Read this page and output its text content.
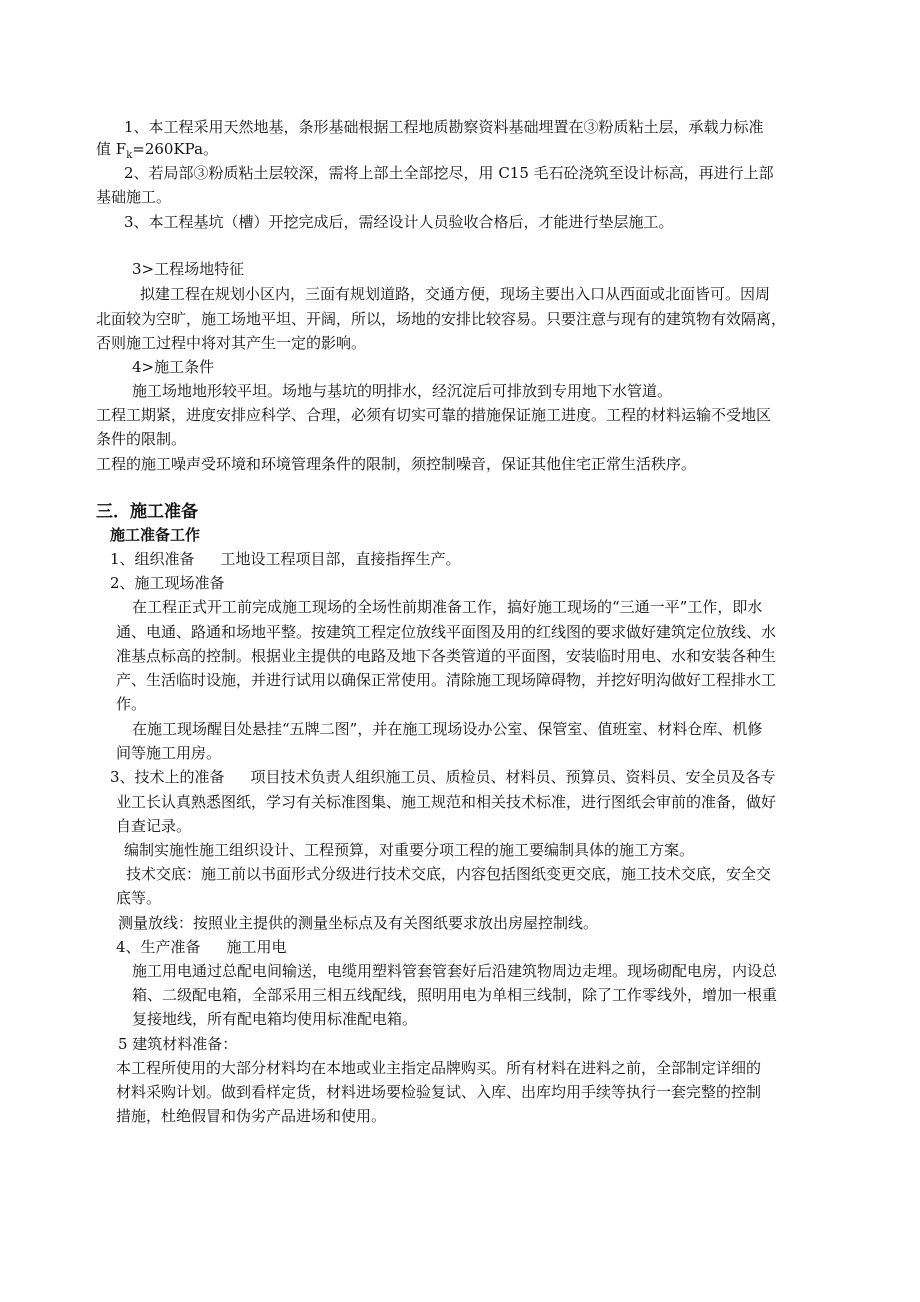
1、本工程采用天然地基，条形基础根据工程地质勘察资料基础埋置在③粉质粘土层，承载力标准
值 $F_k=260KPa$。
2、若局部③粉质粘土层较深，需将上部土全部挖尽，用 C15 毛石砼浇筑至设计标高，再进行上部
基础施工。
3、本工程基坑（槽）开挖完成后，需经设计人员验收合格后，才能进行垫层施工。
3>工程场地特征
拟建工程在规划小区内，三面有规划道路，交通方便，现场主要出入口从西面或北面皆可。因周
北面较为空旷，施工场地平坦、开阔，所以，场地的安排比较容易。只要注意与现有的建筑物有效隔离，
否则施工过程中将对其产生一定的影响。
4>施工条件
施工场地地形较平坦。场地与基坑的明排水，经沉淀后可排放到专用地下水管道。
工程工期紧，进度安排应科学、合理，必须有切实可靠的措施保证施工进度。工程的材料运输不受地区
条件的限制。
工程的施工噪声受环境和环境管理条件的限制，须控制噪音，保证其他住宅正常生活秩序。
三．施工准备
施工准备工作
1、组织准备 工地设工程项目部，直接指挥生产。
2、施工现场准备
在工程正式开工前完成施工现场的全场性前期准备工作，搞好施工现场的“三通一平”工作，即水
通、电通、路通和场地平整。按建筑工程定位放线平面图及用的红线图的要求做好建筑定位放线、水
准基点标高的控制。根据业主提供的电路及地下各类管道的平面图，安装临时用电、水和安装各种生
产、生活临时设施，并进行试用以确保正常使用。清除施工现场障碍物，并挖好明沟做好工程排水工
作。
在施工现场醒目处悬挂“五牌二图”，并在施工现场设办公室、保管室、值班室、材料仓库、机修
间等施工用房。
3、技术上的准备 项目技术负责人组织施工员、质检员、材料员、预算员、资料员、安全员及各专
业工长认真熟悉图纸，学习有关标准图集、施工规范和相关技术标准，进行图纸会审前的准备，做好
自查记录。
编制实施性施工组织设计、工程预算，对重要分项工程的施工要编制具体的施工方案。
技术交底：施工前以书面形式分级进行技术交底，内容包括图纸变更交底，施工技术交底，安全交
底等。
测量放线：按照业主提供的测量坐标点及有关图纸要求放出房屋控制线。
4、生产准备 施工用电
施工用电通过总配电间输送，电缆用塑料管套管套好后沿建筑物周边走埋。现场砌配电房，内设总
箱、二级配电箱，全部采用三相五线配线，照明用电为单相三线制，除了工作零线外，增加一根重
复接地线，所有配电箱均使用标准配电箱。
5 建筑材料准备：
本工程所使用的大部分材料均在本地或业主指定品牌购买。所有材料在进料之前，全部制定详细的
材料采购计划。做到看样定货，材料进场要检验复试、入库、出库均用手续等执行一套完整的控制
措施，杜绝假冒和伪劣产品进场和使用。
